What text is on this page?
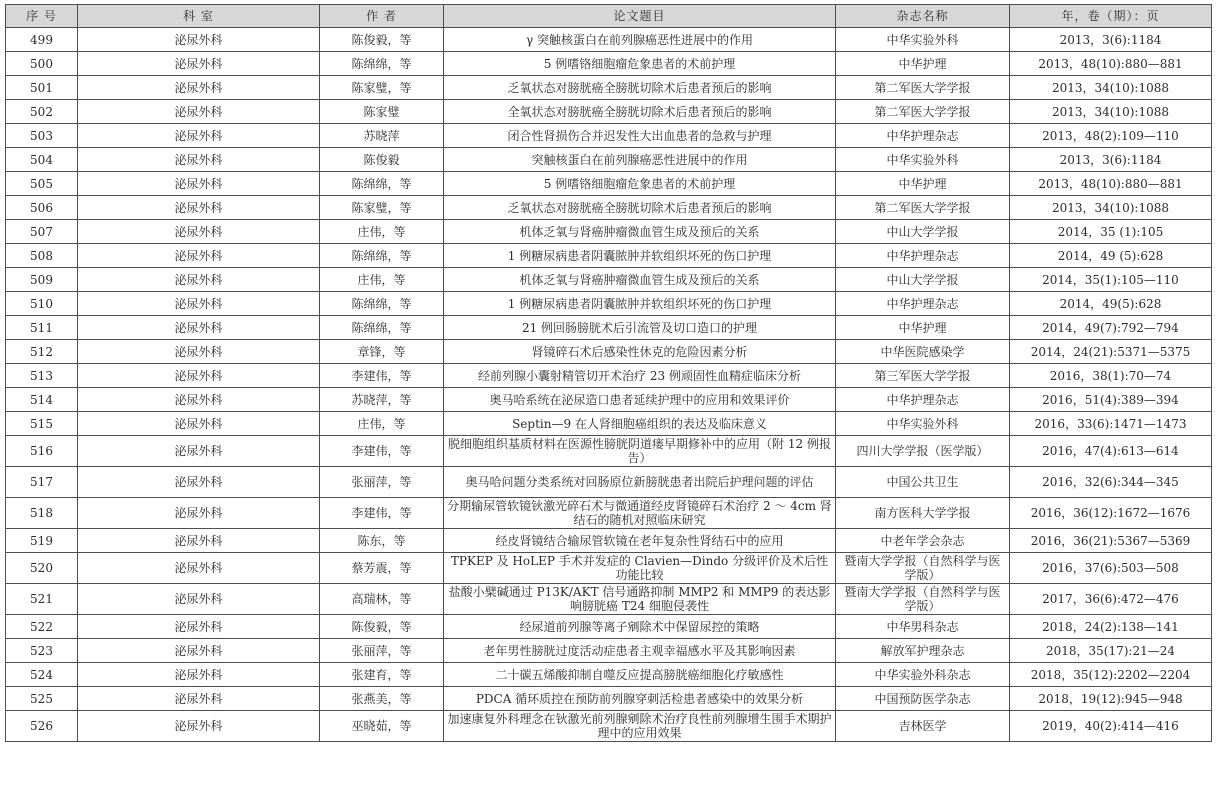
序 号	科 室	作 者	论文题目	杂志名称	年，卷（期）：页
499	泌尿外科	陈俊毅，等	γ 突触核蛋白在前列腺癌恶性进展中的作用	中华实验外科	2013，3(6):1184
500	泌尿外科	陈绵绵，等	5 例嗜铬细胞瘤危象患者的术前护理	中华护理	2013，48(10):880—881
501	泌尿外科	陈家璧，等	乏氧状态对膀胱癌全膀胱切除术后患者预后的影响	第二军医大学学报	2013，34(10):1088
502	泌尿外科	陈家璧	全氧状态对膀胱癌全膀胱切除术后患者预后的影响	第二军医大学学报	2013，34(10):1088
503	泌尿外科	苏晓萍	闭合性肾损伤合并迟发性大出血患者的急救与护理	中华护理杂志	2013，48(2):109—110
504	泌尿外科	陈俊毅	突触核蛋白在前列腺癌恶性进展中的作用	中华实验外科	2013，3(6):1184
505	泌尿外科	陈绵绵，等	5 例嗜铬细胞瘤危象患者的术前护理	中华护理	2013，48(10):880—881
506	泌尿外科	陈家璧，等	乏氧状态对膀胱癌全膀胱切除术后患者预后的影响	第二军医大学学报	2013，34(10):1088
507	泌尿外科	庄伟，等	机体乏氧与肾癌肿瘤微血管生成及预后的关系	中山大学学报	2014，35 (1):105
508	泌尿外科	陈绵绵，等	1 例糖尿病患者阴囊脓肿并软组织坏死的伤口护理	中华护理杂志	2014，49 (5):628
509	泌尿外科	庄伟，等	机体乏氧与肾癌肿瘤微血管生成及预后的关系	中山大学学报	2014，35(1):105—110
510	泌尿外科	陈绵绵，等	1 例糖尿病患者阴囊脓肿并软组织坏死的伤口护理	中华护理杂志	2014，49(5):628
511	泌尿外科	陈绵绵，等	21 例回肠膀胱术后引流管及切口造口的护理	中华护理	2014，49(7):792—794
512	泌尿外科	章锋，等	肾镜碎石术后感染性休克的危险因素分析	中华医院感染学	2014，24(21):5371—5375
513	泌尿外科	李建伟，等	经前列腺小囊射精管切开术治疗 23 例顽固性血精症临床分析	第三军医大学学报	2016，38(1):70—74
514	泌尿外科	苏晓萍，等	奥马哈系统在泌尿造口患者延续护理中的应用和效果评价	中华护理杂志	2016，51(4):389—394
515	泌尿外科	庄伟，等	Septin—9 在人肾细胞癌组织的表达及临床意义	中华实验外科	2016，33(6):1471—1473
516	泌尿外科	李建伟，等	脱细胞组织基质材料在医源性膀胱阴道瘘早期修补中的应用（附 12 例报告）	四川大学学报（医学版）	2016，47(4):613—614
517	泌尿外科	张丽萍，等	奥马哈问题分类系统对回肠原位新膀胱患者出院后护理问题的评估	中国公共卫生	2016，32(6):344—345
518	泌尿外科	李建伟，等	分期输尿管软镜钬激光碎石术与微通道经皮肾镜碎石术治疗 2 ～ 4cm 肾结石的随机对照临床研究	南方医科大学学报	2016，36(12):1672—1676
519	泌尿外科	陈东，等	经皮肾镜结合输尿管软镜在老年复杂性肾结石中的应用	中老年学会杂志	2016，36(21):5367—5369
520	泌尿外科	蔡芳震，等	TPKEP 及 HoLEP 手术并发症的 Clavien—Dindo 分级评价及术后性功能比较	暨南大学学报（自然科学与医学版）	2016，37(6):503—508
521	泌尿外科	高瑞林，等	盐酸小檗碱通过 P13K/AKT 信号通路抑制 MMP2 和 MMP9 的表达影响膀胱癌 T24 细胞侵袭性	暨南大学学报（自然科学与医学版）	2017，36(6):472—476
522	泌尿外科	陈俊毅，等	经尿道前列腺等离子剜除术中保留尿控的策略	中华男科杂志	2018，24(2):138—141
523	泌尿外科	张丽萍，等	老年男性膀胱过度活动症患者主观幸福感水平及其影响因素	解放军护理杂志	2018，35(17):21—24
524	泌尿外科	张建育，等	二十碳五烯酸抑制自噬反应提高膀胱癌细胞化疗敏感性	中华实验外科杂志	2018，35(12):2202—2204
525	泌尿外科	张燕美，等	PDCA 循环质控在预防前列腺穿刺活检患者感染中的效果分析	中国预防医学杂志	2018，19(12):945—948
526	泌尿外科	巫晓茹，等	加速康复外科理念在钬激光前列腺剜除术治疗良性前列腺增生围手术期护理中的应用效果	吉林医学	2019，40(2):414—416
